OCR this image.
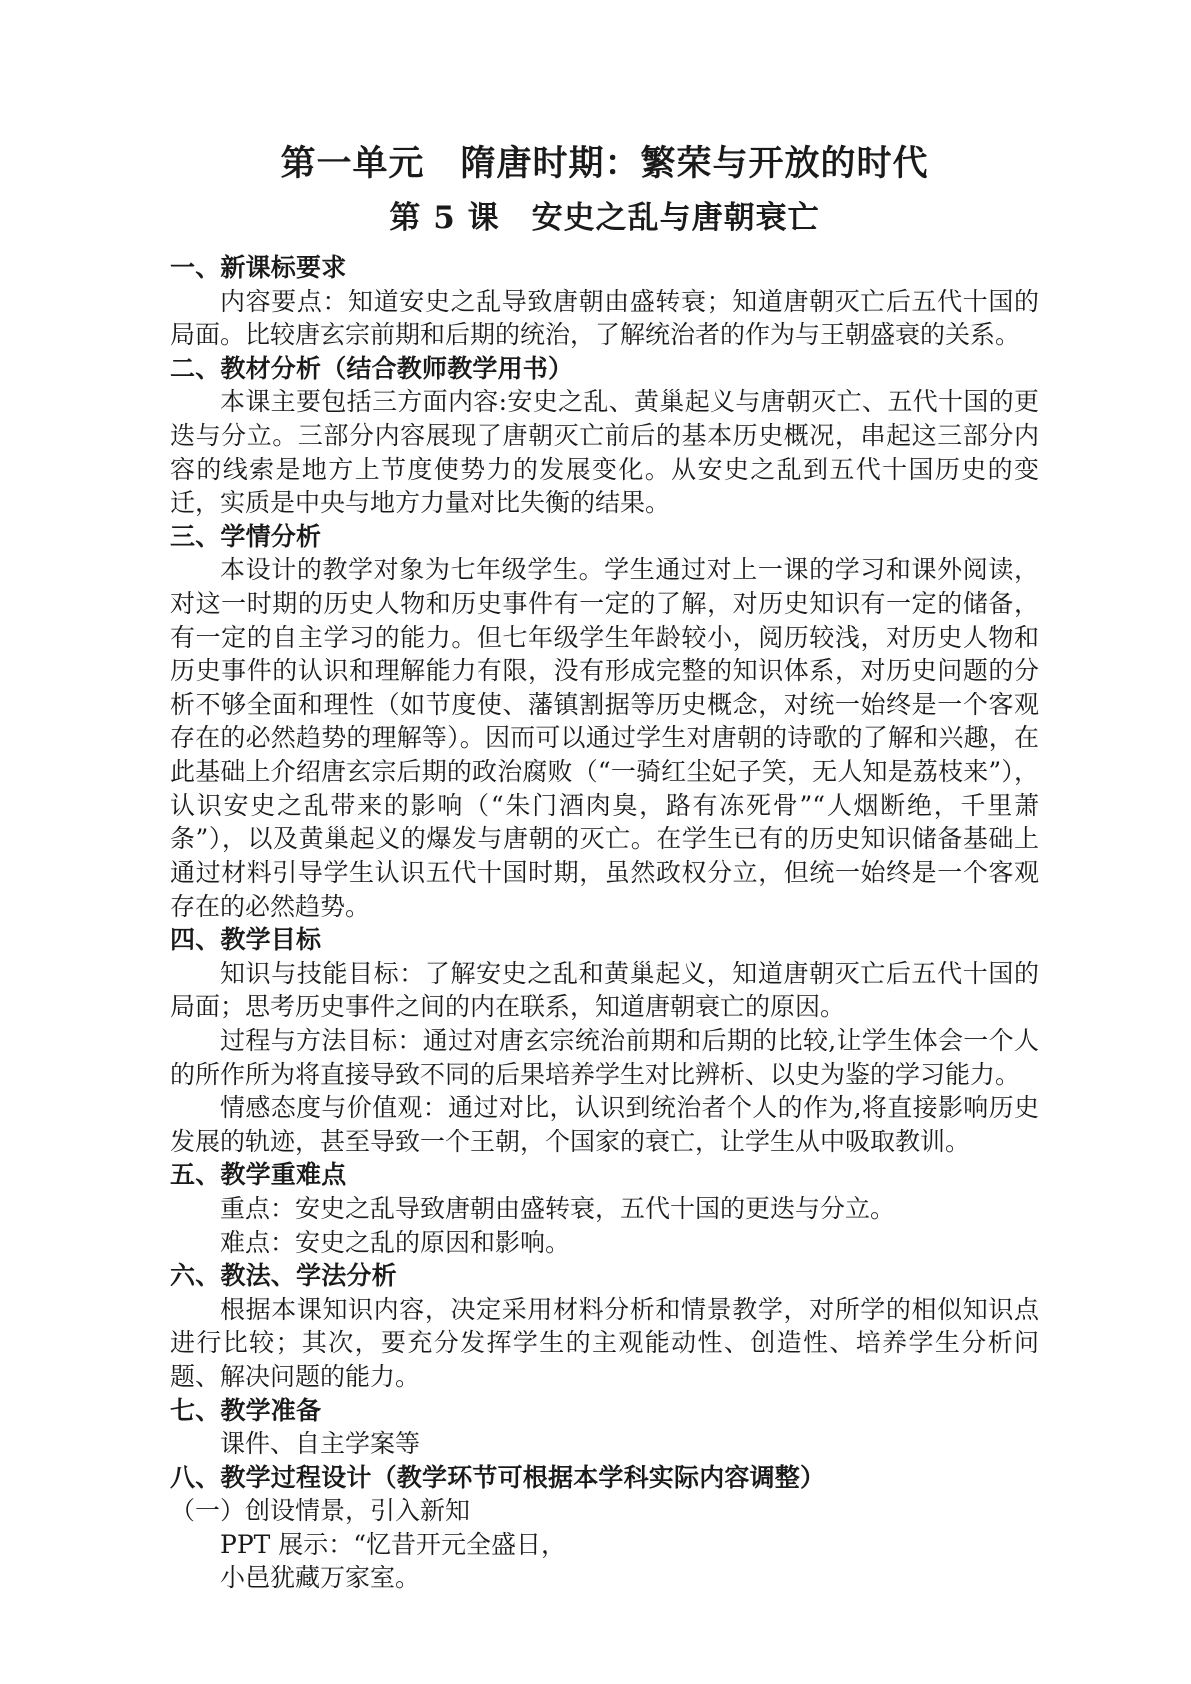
第一单元　隋唐时期：繁荣与开放的时代
第 5 课　安史之乱与唐朝衰亡
一、新课标要求

内容要点：知道安史之乱导致唐朝由盛转衰；知道唐朝灭亡后五代十国的局面。比较唐玄宗前期和后期的统治，了解统治者的作为与王朝盛衰的关系。

二、教材分析（结合教师教学用书）

本课主要包括三方面内容:安史之乱、黄巢起义与唐朝灭亡、五代十国的更迭与分立。三部分内容展现了唐朝灭亡前后的基本历史概况，串起这三部分内容的线索是地方上节度使势力的发展变化。从安史之乱到五代十国历史的变迁，实质是中央与地方力量对比失衡的结果。

三、学情分析

本设计的教学对象为七年级学生。学生通过对上一课的学习和课外阅读，对这一时期的历史人物和历史事件有一定的了解，对历史知识有一定的储备，有一定的自主学习的能力。但七年级学生年龄较小，阅历较浅，对历史人物和历史事件的认识和理解能力有限，没有形成完整的知识体系，对历史问题的分析不够全面和理性（如节度使、藩镇割据等历史概念，对统一始终是一个客观存在的必然趋势的理解等）。因而可以通过学生对唐朝的诗歌的了解和兴趣，在此基础上介绍唐玄宗后期的政治腐败（“一骑红尘妃子笑，无人知是荔枝来”），认识安史之乱带来的影响（“朱门酒肉臭，路有冻死骨”“人烟断绝，千里萧条”），以及黄巢起义的爆发与唐朝的灭亡。在学生已有的历史知识储备基础上通过材料引导学生认识五代十国时期，虽然政权分立，但统一始终是一个客观存在的必然趋势。

四、教学目标

知识与技能目标：了解安史之乱和黄巢起义，知道唐朝灭亡后五代十国的局面；思考历史事件之间的内在联系，知道唐朝衰亡的原因。

过程与方法目标：通过对唐玄宗统治前期和后期的比较,让学生体会一个人的所作所为将直接导致不同的后果培养学生对比辨析、以史为鉴的学习能力。

情感态度与价值观：通过对比，认识到统治者个人的作为,将直接影响历史发展的轨迹，甚至导致一个王朝，个国家的衰亡，让学生从中吸取教训。

五、教学重难点
重点：安史之乱导致唐朝由盛转衰，五代十国的更迭与分立。
难点：安史之乱的原因和影响。
六、教法、学法分析

根据本课知识内容，决定采用材料分析和情景教学，对所学的相似知识点进行比较；其次，要充分发挥学生的主观能动性、创造性、培养学生分析问题、解决问题的能力。

七、教学准备
课件、自主学案等
八、教学过程设计（教学环节可根据本学科实际内容调整）
（一）创设情景，引入新知
PPT 展示：“忆昔开元全盛日，
小邑犹藏万家室。
